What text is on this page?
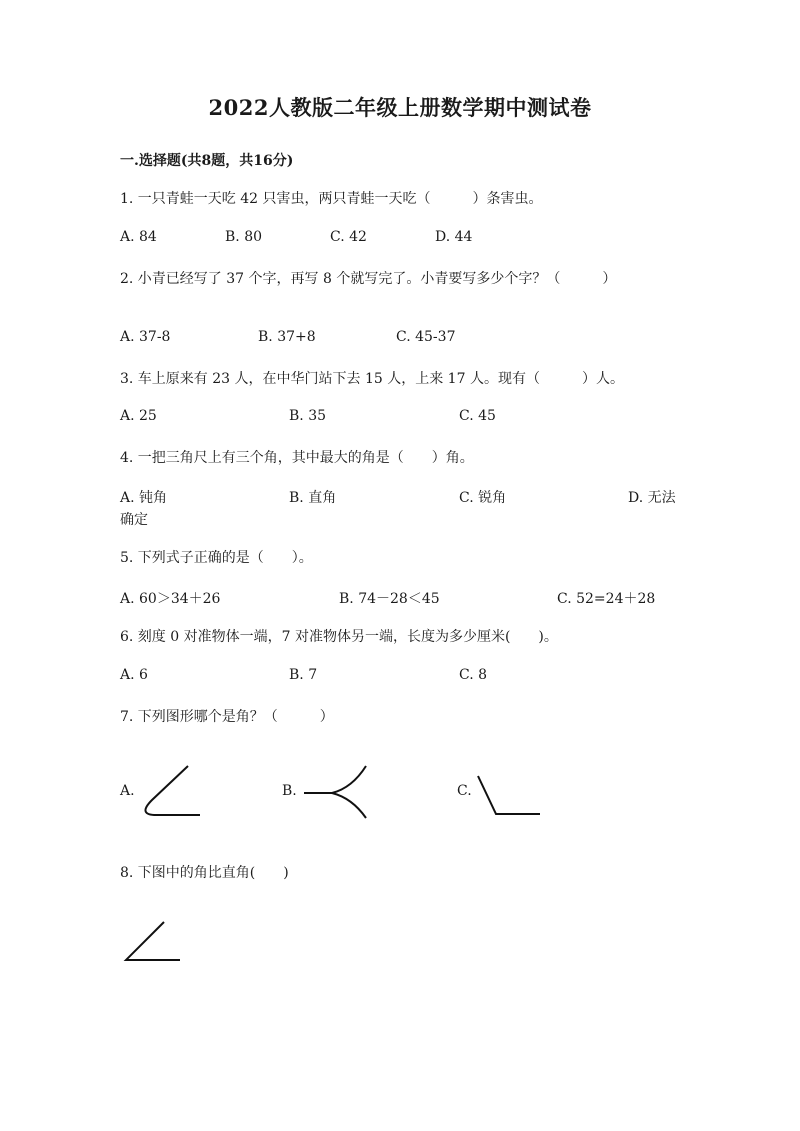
2022人教版二年级上册数学期中测试卷
一.选择题(共8题，共16分)
1. 一只青蛙一天吃 42 只害虫，两只青蛙一天吃（　　　）条害虫。
A. 84	B. 80	C. 42	D. 44
2. 小青已经写了 37 个字，再写 8 个就写完了。小青要写多少个字？（　　　）
A. 37-8	B. 37+8	C. 45-37
3. 车上原来有 23 人，在中华门站下去 15 人，上来 17 人。现有（　　　）人。
A. 25	B. 35	C. 45
4. 一把三角尺上有三个角，其中最大的角是（　　）角。
A. 钝角	B. 直角	C. 锐角	D. 无法
确定
5. 下列式子正确的是（　　）。
A. 60＞34＋26	B. 74－28＜45	C. 52=24＋28
6. 刻度 0 对准物体一端，7 对准物体另一端，长度为多少厘米(　　)。
A. 6	B. 7	C. 8
7. 下列图形哪个是角？（　　　）
A.	B.	C.
8. 下图中的角比直角(　　)
